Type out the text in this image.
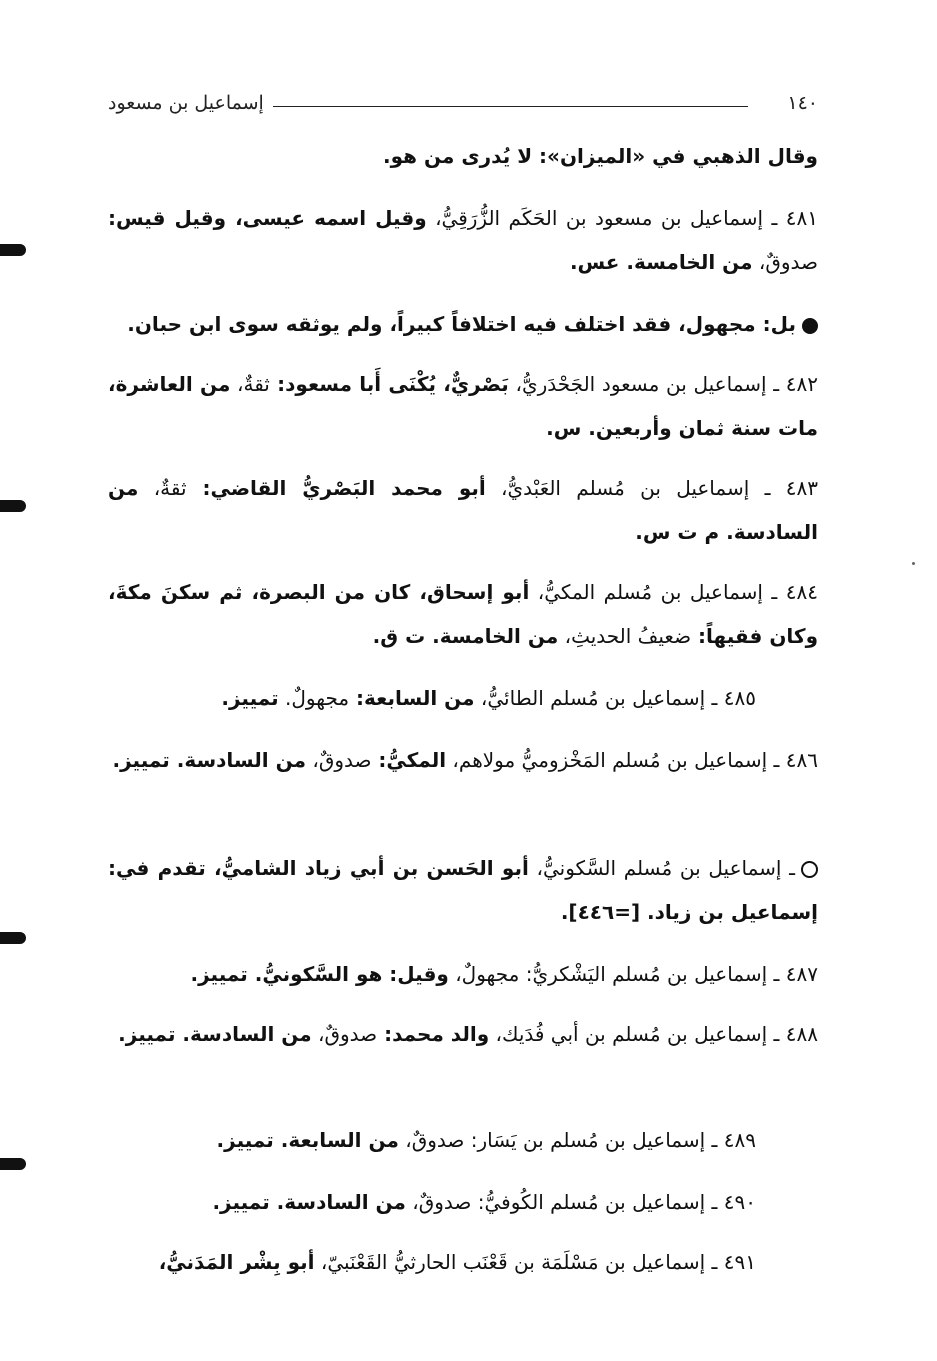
١٤٠
إسماعيل بن مسعود
وقال الذهبي في «الميزان»: لا يُدرى من هو.
٤٨١ ـ إسماعيل بن مسعود بن الحَكَم الزُّرَقِيُّ، وقيل اسمه عيسى، وقيل قيس: صدوقٌ، من الخامسة. عس.
بل: مجهول، فقد اختلف فيه اختلافاً كبيراً، ولم يوثقه سوى ابن حبان.
٤٨٢ ـ إسماعيل بن مسعود الجَحْدَريُّ، بَصْريٌّ، يُكْنَى أَبا مسعود: ثقةٌ، من العاشرة، مات سنة ثمان وأربعين. س.
٤٨٣ ـ إسماعيل بن مُسلم العَبْديُّ، أبو محمد البَصْريُّ القاضي: ثقةٌ، من السادسة. م ت س.
٤٨٤ ـ إسماعيل بن مُسلم المكيُّ، أبو إسحاق، كان من البصرة، ثم سكنَ مكةَ، وكان فقيهاً: ضعيفُ الحديثِ، من الخامسة. ت ق.
٤٨٥ ـ إسماعيل بن مُسلم الطائيُّ، من السابعة: مجهولٌ. تمييز.
٤٨٦ ـ إسماعيل بن مُسلم المَخْزوميُّ مولاهم، المكيُّ: صدوقٌ، من السادسة. تمييز.
ـ إسماعيل بن مُسلم السَّكونيُّ، أبو الحَسن بن أبي زياد الشاميُّ، تقدم في: إسماعيل بن زياد. [=٤٤٦].
٤٨٧ ـ إسماعيل بن مُسلم اليَشْكريُّ: مجهولٌ، وقيل: هو السَّكونيُّ. تمييز.
٤٨٨ ـ إسماعيل بن مُسلم بن أبي فُدَيك، والد محمد: صدوقٌ، من السادسة. تمييز.
٤٨٩ ـ إسماعيل بن مُسلم بن يَسَار: صدوقٌ، من السابعة. تمييز.
٤٩٠ ـ إسماعيل بن مُسلم الكُوفيُّ: صدوقٌ، من السادسة. تمييز.
٤٩١ ـ إسماعيل بن مَسْلَمَة بن قَعْنَب الحارثيُّ القَعْنَبيّ، أبو بِشْر المَدَنيُّ،
